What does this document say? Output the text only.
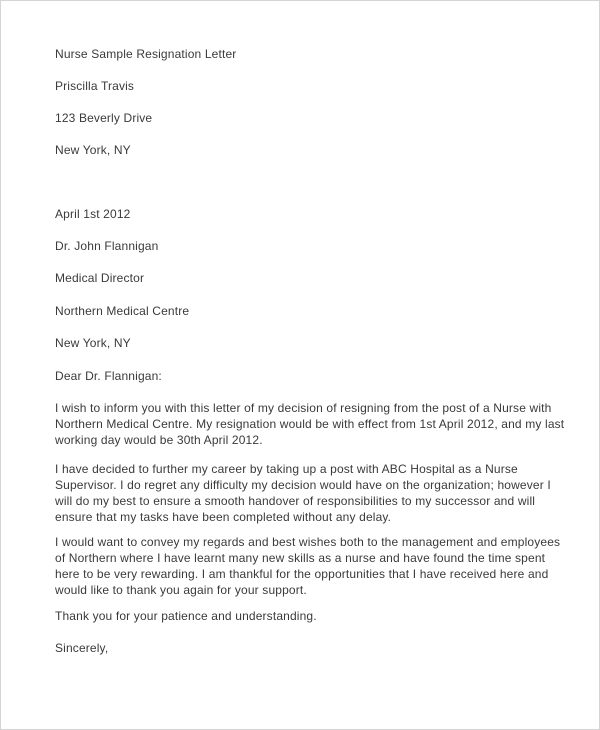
Nurse Sample Resignation Letter
Priscilla Travis
123 Beverly Drive
New York, NY
April 1st 2012
Dr. John Flannigan
Medical Director
Northern Medical Centre
New York, NY
Dear Dr. Flannigan:
I wish to inform you with this letter of my decision of resigning from the post of a Nurse with
Northern Medical Centre. My resignation would be with effect from 1st April 2012, and my last
working day would be 30th April 2012.
I have decided to further my career by taking up a post with ABC Hospital as a Nurse
Supervisor. I do regret any difficulty my decision would have on the organization; however I
will do my best to ensure a smooth handover of responsibilities to my successor and will
ensure that my tasks have been completed without any delay.
I would want to convey my regards and best wishes both to the management and employees
of Northern where I have learnt many new skills as a nurse and have found the time spent
here to be very rewarding. I am thankful for the opportunities that I have received here and
would like to thank you again for your support.
Thank you for your patience and understanding.
Sincerely,
